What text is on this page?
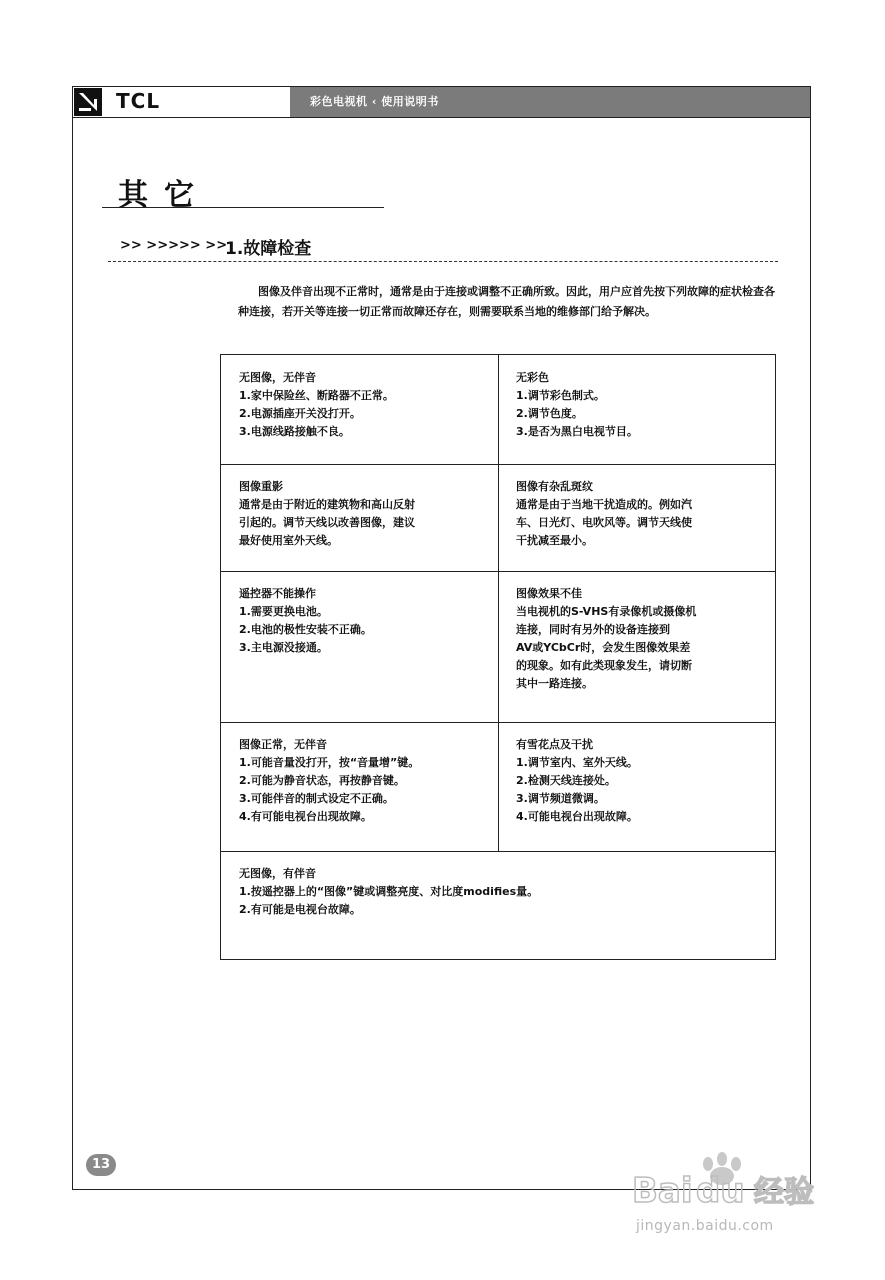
TCL	彩色电视机 ‹ 使用说明书
其它
>> >>>>> >>
1.故障检查
图像及伴音出现不正常时，通常是由于连接或调整不正确所致。因此，用户应首先按下列故障的症状检查各种连接，若开关等连接一切正常而故障还存在，则需要联系当地的维修部门给予解决。
无图像，无伴音
1.家中保险丝、断路器不正常。
2.电源插座开关没打开。
3.电源线路接触不良。
无彩色
1.调节彩色制式。
2.调节色度。
3.是否为黑白电视节目。
图像重影
通常是由于附近的建筑物和高山反射
引起的。调节天线以改善图像，建议
最好使用室外天线。
图像有杂乱斑纹
通常是由于当地干扰造成的。例如汽
车、日光灯、电吹风等。调节天线使
干扰减至最小。
遥控器不能操作
1.需要更换电池。
2.电池的极性安装不正确。
3.主电源没接通。
图像效果不佳
当电视机的S-VHS有录像机或摄像机
连接，同时有另外的设备连接到
AV或YCbCr时，会发生图像效果差
的现象。如有此类现象发生，请切断
其中一路连接。
图像正常，无伴音
1.可能音量没打开，按“音量增”键。
2.可能为静音状态，再按静音键。
3.可能伴音的制式设定不正确。
4.有可能电视台出现故障。
有雪花点及干扰
1.调节室内、室外天线。
2.检测天线连接处。
3.调节频道微调。
4.可能电视台出现故障。
无图像，有伴音
1.按遥控器上的“图像”键或调整亮度、对比度modifies量。
2.有可能是电视台故障。
13
Bai du 经验
jingyan.baidu.com
